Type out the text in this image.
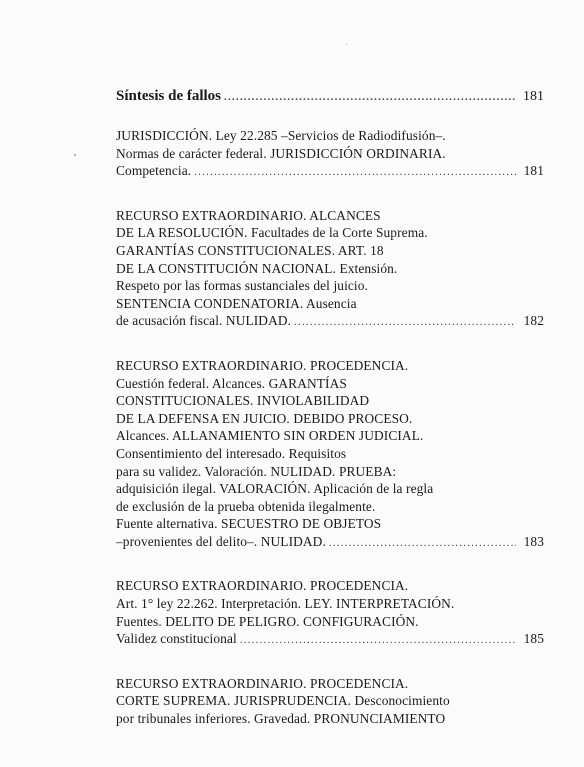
Síntesis de fallos .....	181
JURISDICCIÓN. Ley 22.285 –Servicios de Radiodifusión–.
Normas de carácter federal. JURISDICCIÓN ORDINARIA.
Competencia. .....	181
RECURSO EXTRAORDINARIO. ALCANCES
DE LA RESOLUCIÓN. Facultades de la Corte Suprema.
GARANTÍAS CONSTITUCIONALES. ART. 18
DE LA CONSTITUCIÓN NACIONAL. Extensión.
Respeto por las formas sustanciales del juicio.
SENTENCIA CONDENATORIA. Ausencia
de acusación fiscal. NULIDAD. .....	182
RECURSO EXTRAORDINARIO. PROCEDENCIA.
Cuestión federal. Alcances. GARANTÍAS
CONSTITUCIONALES. INVIOLABILIDAD
DE LA DEFENSA EN JUICIO. DEBIDO PROCESO.
Alcances. ALLANAMIENTO SIN ORDEN JUDICIAL.
Consentimiento del interesado. Requisitos
para su validez. Valoración. NULIDAD. PRUEBA:
adquisición ilegal. VALORACIÓN. Aplicación de la regla
de exclusión de la prueba obtenida ilegalmente.
Fuente alternativa. SECUESTRO DE OBJETOS
–provenientes del delito–. NULIDAD. .....	183
RECURSO EXTRAORDINARIO. PROCEDENCIA.
Art. 1° ley 22.262. Interpretación. LEY. INTERPRETACIÓN.
Fuentes. DELITO DE PELIGRO. CONFIGURACIÓN.
Validez constitucional .....	185
RECURSO EXTRAORDINARIO. PROCEDENCIA.
CORTE SUPREMA. JURISPRUDENCIA. Desconocimiento
por tribunales inferiores. Gravedad. PRONUNCIAMIENTO
